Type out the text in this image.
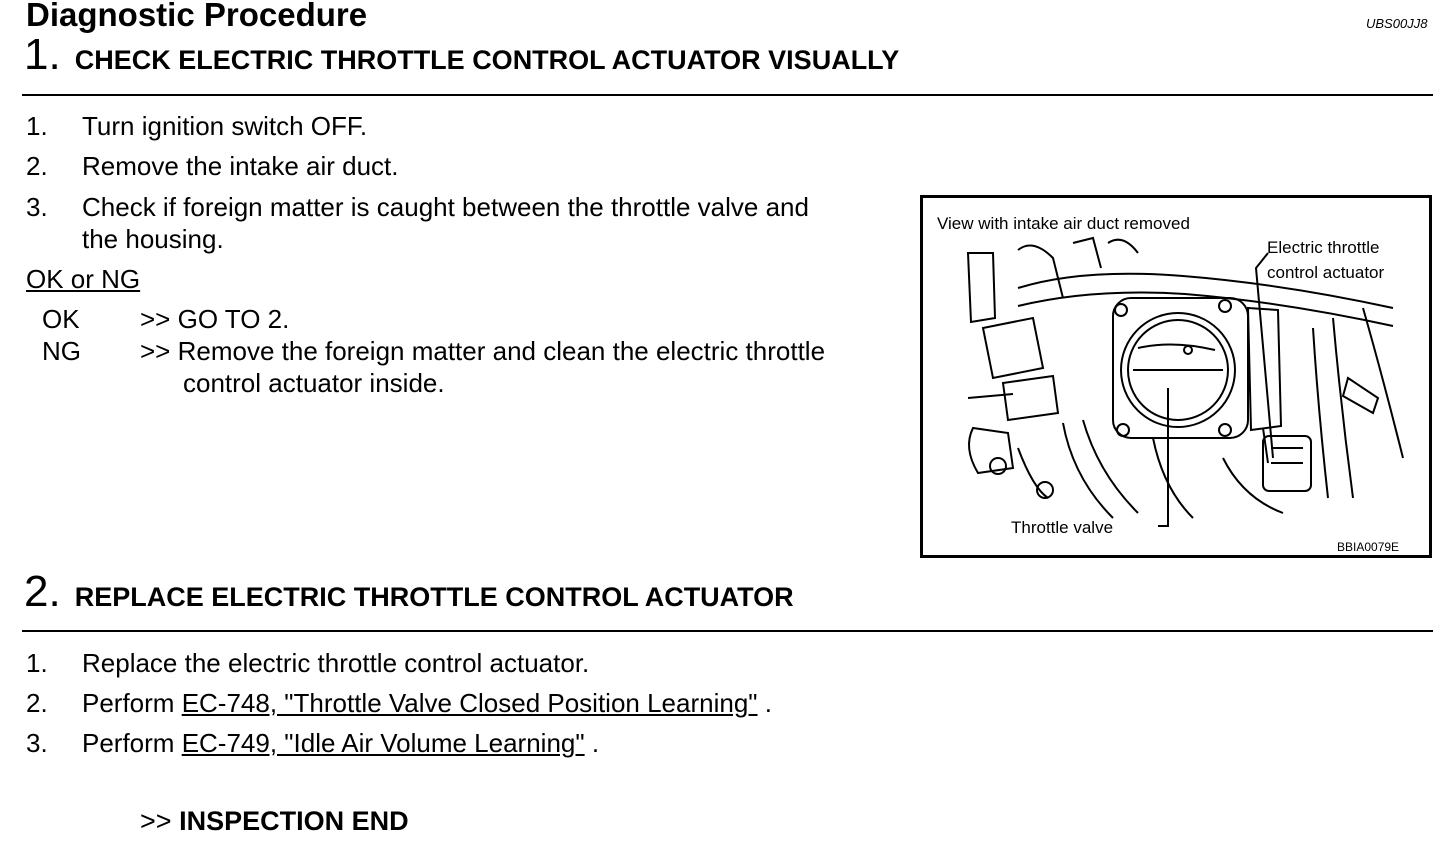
Diagnostic Procedure	UBS00JJ8
1. CHECK ELECTRIC THROTTLE CONTROL ACTUATOR VISUALLY
1. Turn ignition switch OFF.
2. Remove the intake air duct.
3. Check if foreign matter is caught between the throttle valve and
the housing.
OK or NG
OK >> GO TO 2.
NG >> Remove the foreign matter and clean the electric throttle
control actuator inside.
View with intake air duct removed
Electric throttle
control actuator
Throttle valve
BBIA0079E
2. REPLACE ELECTRIC THROTTLE CONTROL ACTUATOR
1. Replace the electric throttle control actuator.
2. Perform EC-748, "Throttle Valve Closed Position Learning" .
3. Perform EC-749, "Idle Air Volume Learning" .
>> INSPECTION END
